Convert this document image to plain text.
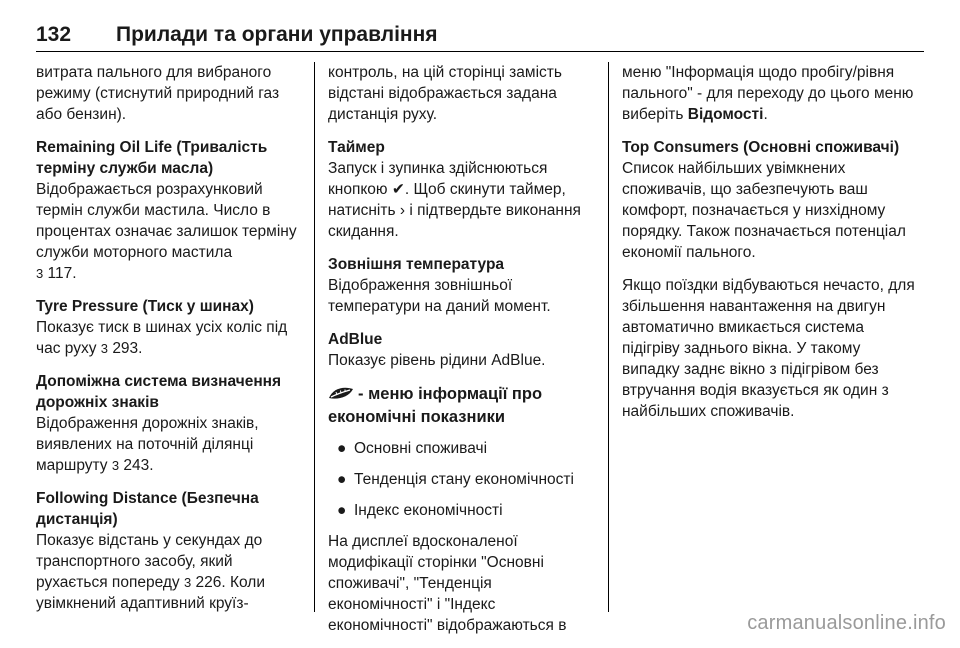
132 Прилади та органи управління

витрата пального для вибраного режиму (стиснутий природний газ або бензин).

Remaining Oil Life (Тривалість терміну служби масла)

Відображається розрахунковий термін служби мастила. Число в процентах означає залишок терміну служби моторного мастила
3 117.

Tyre Pressure (Тиск у шинах)

Показує тиск в шинах усіх коліс під час руху 3 293.

Допоміжна система визначення дорожніх знаків

Відображення дорожніх знаків, виявлених на поточній ділянці маршруту 3 243.

Following Distance (Безпечна дистанція)

Показує відстань у секундах до транспортного засобу, який рухається попереду 3 226. Коли увімкнений адаптивний круїз-

контроль, на цій сторінці замість відстані відображається задана дистанція руху.

Таймер

Запуск і зупинка здійснюються кнопкою ✔. Щоб скинути таймер, натисніть › і підтвердьте виконання скидання.

Зовнішня температура

Відображення зовнішньої температури на даний момент.

AdBlue

Показує рівень рідини AdBlue.

- меню інформації про економічні показники
● Основні споживачі
● Тенденція стану економічності
● Індекс економічності

На дисплеї вдосконаленої модифікації сторінки "Основні споживачі", "Тенденція економічності" і "Індекс економічності" відображаються в

меню "Інформація щодо пробігу/рівня пального" - для переходу до цього меню виберіть Відомості.

Top Consumers (Основні споживачі)

Список найбільших увімкнених споживачів, що забезпечують ваш комфорт, позначається у низхідному порядку. Також позначається потенціал економії пального.

Якщо поїздки відбуваються нечасто, для збільшення навантаження на двигун автоматично вмикається система підігріву заднього вікна. У такому випадку заднє вікно з підігрівом без втручання водія вказується як один з найбільших споживачів.

carmanualsonline.info
